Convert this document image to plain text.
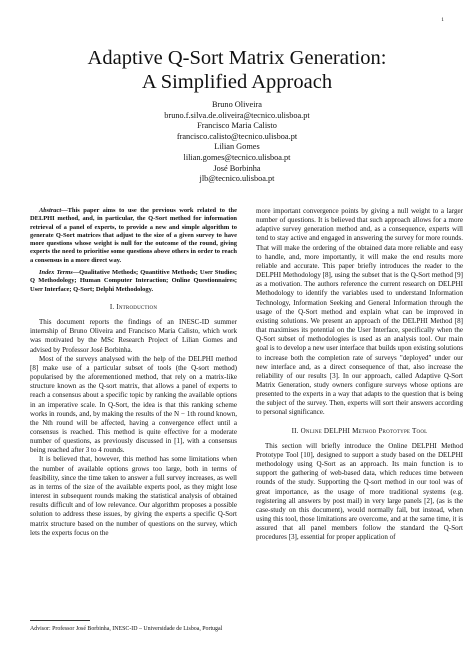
1
Adaptive Q-Sort Matrix Generation:
A Simplified Approach
Bruno Oliveira
bruno.f.silva.de.oliveira@tecnico.ulisboa.pt
Francisco Maria Calisto
francisco.calisto@tecnico.ulisboa.pt
Lilian Gomes
lilian.gomes@tecnico.ulisboa.pt
José Borbinha
jlb@tecnico.ulisboa.pt
Abstract—This paper aims to use the previous work related to the DELPHI method, and, in particular, the Q-Sort method for information retrieval of a panel of experts, to provide a new and simple algorithm to generate Q-Sort matrices that adjust to the size of a given survey to have more questions whose weight is null for the outcome of the round, giving experts the need to prioritise some questions above others in order to reach a consensus in a more direct way.
Index Terms—Qualitative Methods; Quantitive Methods; User Studies; Q Methodology; Human Computer Interaction; Online Questionnaires; User Interface; Q-Sort; Delphi Methodology.
I. Introduction

This document reports the findings of an INESC-ID summer internship of Bruno Oliveira and Francisco Maria Calisto, which work was motivated by the MSc Research Project of Lilian Gomes and advised by Professor José Borbinha.

Most of the surveys analysed with the help of the DELPHI method [8] make use of a particular subset of tools (the Q-sort method) popularised by the aforementioned method, that rely on a matrix-like structure known as the Q-sort matrix, that allows a panel of experts to reach a consensus about a specific topic by ranking the available options in an imperative scale. In Q-Sort, the idea is that this ranking scheme works in rounds, and, by making the results of the N − 1th round known, the Nth round will be affected, having a convergence effect until a consensus is reached. This method is quite effective for a moderate number of questions, as previously discussed in [1], with a consensus being reached after 3 to 4 rounds.

It is believed that, however, this method has some limitations when the number of available options grows too large, both in terms of feasibility, since the time taken to answer a full survey increases, as well as in terms of the size of the available experts pool, as they might lose interest in subsequent rounds making the statistical analysis of obtained results difficult and of low relevance. Our algorithm proposes a possible solution to address these issues, by giving the experts a specific Q-Sort matrix structure based on the number of questions on the survey, which lets the experts focus on the

Advisor: Professor José Borbinha, INESC-ID – Universidade de Lisboa, Portugal

more important convergence points by giving a null weight to a larger number of questions. It is believed that such approach allows for a more adaptive survey generation method and, as a consequence, experts will tend to stay active and engaged in answering the survey for more rounds. That will make the ordering of the obtained data more reliable and easy to handle, and, more importantly, it will make the end results more reliable and accurate. This paper briefly introduces the reader to the DELPHI Methodology [8], using the subset that is the Q-Sort method [9] as a motivation. The authors reference the current research on DELPHI Methodology to identify the variables used to understand Information Technology, Information Seeking and General Information through the usage of the Q-Sort method and explain what can be improved in existing solutions. We present an approach of the DELPHI Method [8] that maximises its potential on the User Interface, specifically when the Q-Sort subset of methodologies is used as an analysis tool. Our main goal is to develop a new user interface that builds upon existing solutions to increase both the completion rate of surveys "deployed" under our new interface and, as a direct consequence of that, also increase the reliability of our results [3]. In our approach, called Adaptive Q-Sort Matrix Generation, study owners configure surveys whose options are presented to the experts in a way that adapts to the question that is being the subject of the survey. Then, experts will sort their answers according to personal significance.

II. Online DELPHI Method Prototype Tool

This section will briefly introduce the Online DELPHI Method Prototype Tool [10], designed to support a study based on the DELPHI methodology using Q-Sort as an approach. Its main function is to support the gathering of web-based data, which reduces time between rounds of the study. Supporting the Q-sort method in our tool was of great importance, as the usage of more traditional systems (e.g. registering all answers by post mail) in very large panels [2], (as is the case-study on this document), would normally fail, but instead, when using this tool, those limitations are overcome, and at the same time, it is assured that all panel members follow the standard the Q-Sort procedures [3], essential for proper application of
